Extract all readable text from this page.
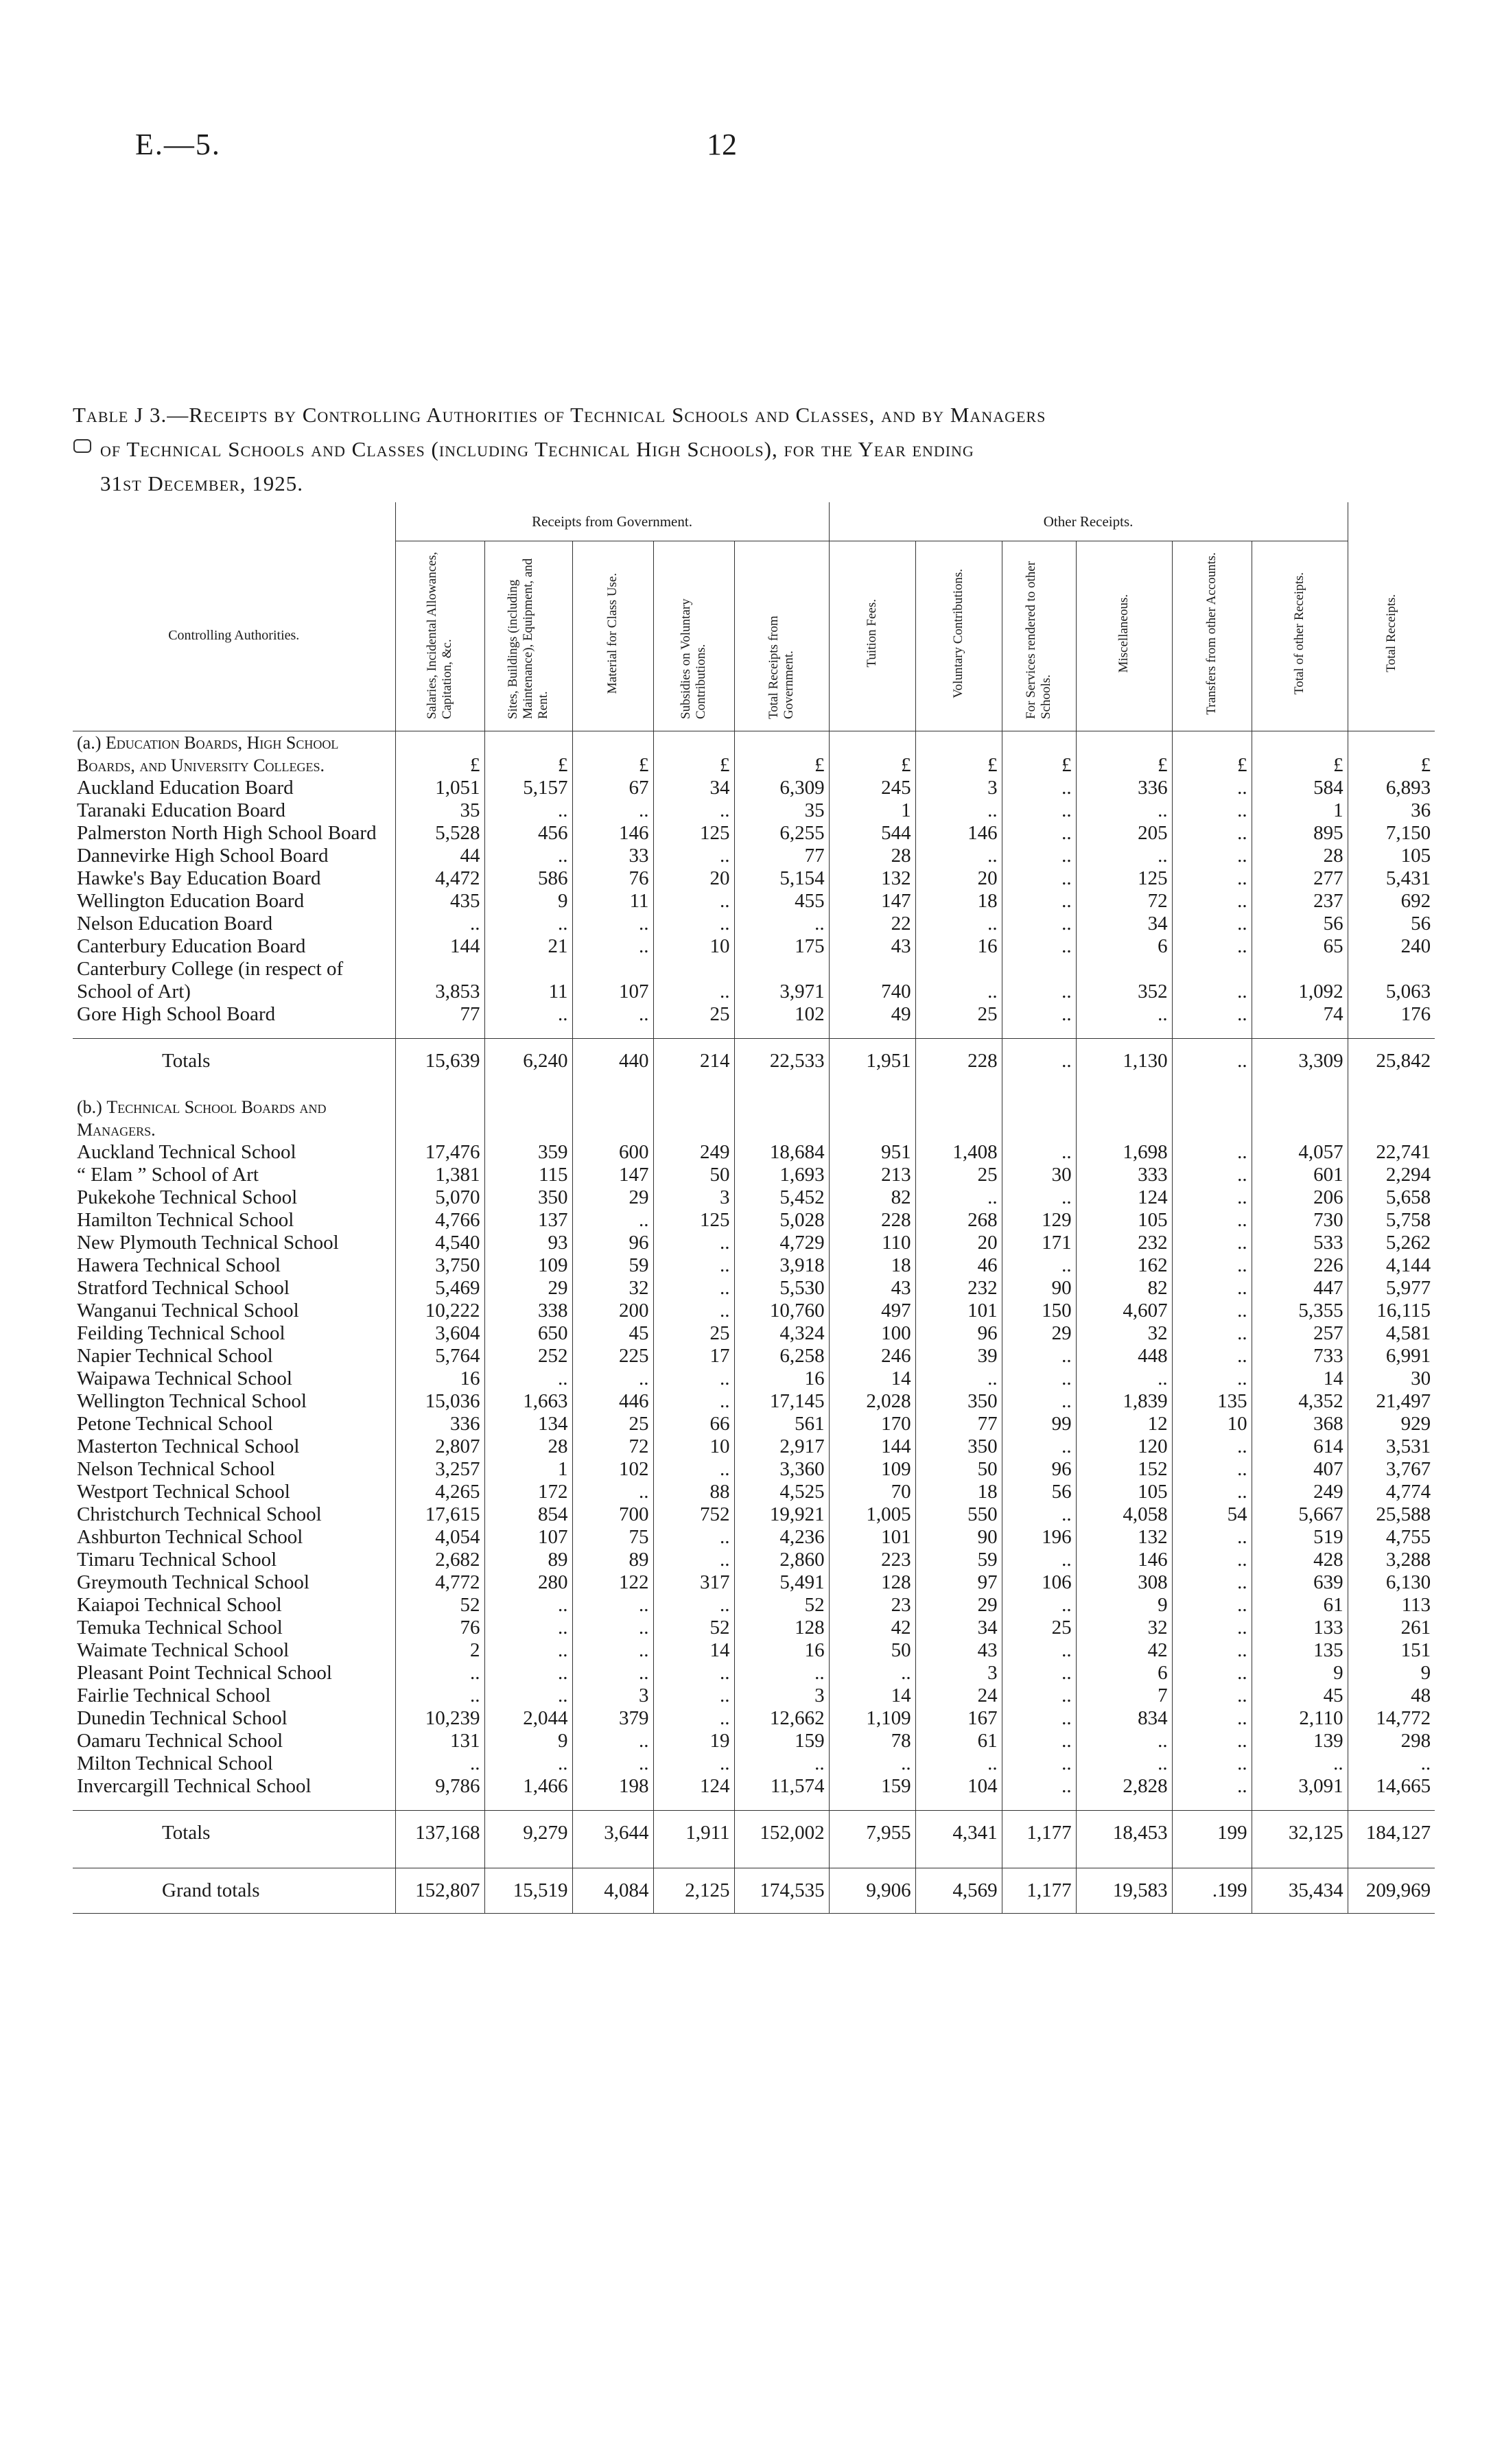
E.—5.	12
Table J 3.—Receipts by Controlling Authorities of Technical Schools and Classes, and by Managers
of Technical Schools and Classes (including Technical High Schools), for the Year ending
31st December, 1925.
	Receipts from Government.					Other Receipts.						
Controlling Authorities.	Salaries, Incidental Allowances, Capitation, &c.	Sites, Buildings (including Maintenance), Equipment, and Rent.	Material for Class Use.	Subsidies on Voluntary Contributions.	Total Receipts from Government.	Tuition Fees.	Voluntary Contributions.	For Services rendered to other Schools.	Miscellaneous.	Transfers from other Accounts.	Total of other Receipts.	Total Receipts.
(a.) Education Boards, High School Boards, and University Colleges.	£	£	£	£	£	£	£	£	£	£	£	£
Auckland Education Board	1,051	5,157	67	34	6,309	245	3	..	336	..	584	6,893
Taranaki Education Board	35	..	..	..	35	1	..	..	..	..	1	36
Palmerston North High School Board	5,528	456	146	125	6,255	544	146	..	205	..	895	7,150
Dannevirke High School Board	44	..	33	..	77	28	..	..	..	..	28	105
Hawke's Bay Education Board	4,472	586	76	20	5,154	132	20	..	125	..	277	5,431
Wellington Education Board	435	9	11	..	455	147	18	..	72	..	237	692
Nelson Education Board	..	..	..	..	..	22	..	..	34	..	56	56
Canterbury Education Board	144	21	..	10	175	43	16	..	6	..	65	240
Canterbury College (in respect of School of Art)	3,853	11	107	..	3,971	740	..	..	352	..	1,092	5,063
Gore High School Board	77	..	..	25	102	49	25	..	..	..	74	176

Totals	15,639	6,240	440	214	22,533	1,951	228	..	1,130	..	3,309	25,842

(b.) Technical School Boards and Managers.												
Auckland Technical School	17,476	359	600	249	18,684	951	1,408	..	1,698	..	4,057	22,741
“ Elam ” School of Art	1,381	115	147	50	1,693	213	25	30	333	..	601	2,294
Pukekohe Technical School	5,070	350	29	3	5,452	82	..	..	124	..	206	5,658
Hamilton Technical School	4,766	137	..	125	5,028	228	268	129	105	..	730	5,758
New Plymouth Technical School	4,540	93	96	..	4,729	110	20	171	232	..	533	5,262
Hawera Technical School	3,750	109	59	..	3,918	18	46	..	162	..	226	4,144
Stratford Technical School	5,469	29	32	..	5,530	43	232	90	82	..	447	5,977
Wanganui Technical School	10,222	338	200	..	10,760	497	101	150	4,607	..	5,355	16,115
Feilding Technical School	3,604	650	45	25	4,324	100	96	29	32	..	257	4,581
Napier Technical School	5,764	252	225	17	6,258	246	39	..	448	..	733	6,991
Waipawa Technical School	16	..	..	..	16	14	..	..	..	..	14	30
Wellington Technical School	15,036	1,663	446	..	17,145	2,028	350	..	1,839	135	4,352	21,497
Petone Technical School	336	134	25	66	561	170	77	99	12	10	368	929
Masterton Technical School	2,807	28	72	10	2,917	144	350	..	120	..	614	3,531
Nelson Technical School	3,257	1	102	..	3,360	109	50	96	152	..	407	3,767
Westport Technical School	4,265	172	..	88	4,525	70	18	56	105	..	249	4,774
Christchurch Technical School	17,615	854	700	752	19,921	1,005	550	..	4,058	54	5,667	25,588
Ashburton Technical School	4,054	107	75	..	4,236	101	90	196	132	..	519	4,755
Timaru Technical School	2,682	89	89	..	2,860	223	59	..	146	..	428	3,288
Greymouth Technical School	4,772	280	122	317	5,491	128	97	106	308	..	639	6,130
Kaiapoi Technical School	52	..	..	..	52	23	29	..	9	..	61	113
Temuka Technical School	76	..	..	52	128	42	34	25	32	..	133	261
Waimate Technical School	2	..	..	14	16	50	43	..	42	..	135	151
Pleasant Point Technical School	..	..	..	..	..	..	3	..	6	..	9	9
Fairlie Technical School	..	..	3	..	3	14	24	..	7	..	45	48
Dunedin Technical School	10,239	2,044	379	..	12,662	1,109	167	..	834	..	2,110	14,772
Oamaru Technical School	131	9	..	19	159	78	61	..	..	..	139	298
Milton Technical School	..	..	..	..	..	..	..	..	..	..	..	..
Invercargill Technical School	9,786	1,466	198	124	11,574	159	104	..	2,828	..	3,091	14,665

Totals	137,168	9,279	3,644	1,911	152,002	7,955	4,341	1,177	18,453	199	32,125	184,127

Grand totals	152,807	15,519	4,084	2,125	174,535	9,906	4,569	1,177	19,583	.199	35,434	209,969
